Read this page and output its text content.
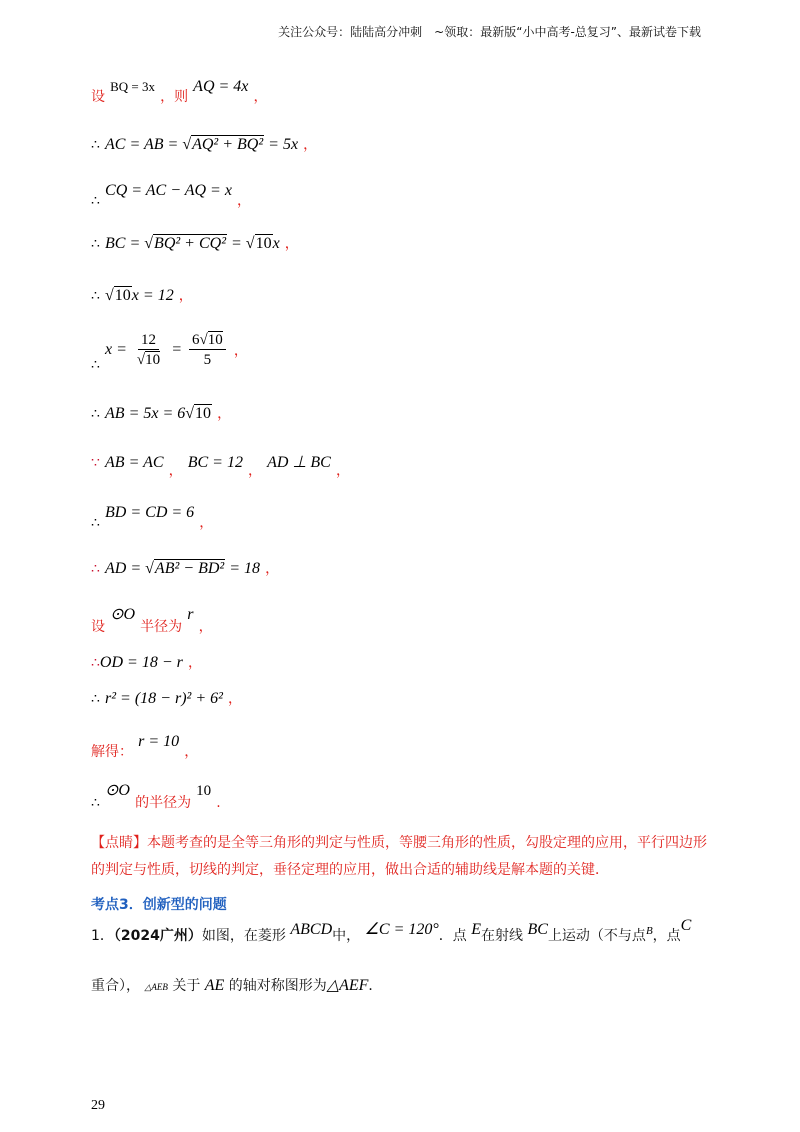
关注公众号：陆陆高分冲刺　~领取：最新版“小中高考-总复习”、最新试卷下载
设 $^{BQ = 3x}$ ，则 AQ = 4x ，
∴ AC = AB = √AQ² + BQ² = 5x ，
∴ CQ = AC − AQ = x ，
∴ BC = √BQ² + CQ² = √10x ，
∴ √10x = 12 ，
∴ $x = \frac{12}{√10} = \frac{6√10}{5}$ ，
∴ AB = 5x = 6√10 ，
∵ AB = AC ， BC = 12 ， AD ⊥ BC ，
∴ BD = CD = 6 ，
∴ AD = √AB² − BD² = 18 ，
设 ⊙O 半径为 r ，
∴OD = 18 − r ，
∴ r² = (18 − r)² + 6² ，
解得： r = 10 ，
∴ ⊙O 的半径为 10 .
【点睛】本题考查的是全等三角形的判定与性质，等腰三角形的性质，勾股定理的应用，平行四边形的判定与性质，切线的判定，垂径定理的应用，做出合适的辅助线是解本题的关键．
考点3．创新型的问题
1．（2024广州）如图，在菱形 ABCD中， ∠C = 120°．点 E在射线 BC上运动（不与点$^B$，点C
重合）， △AEB 关于 AE 的轴对称图形为△AEF．
29
